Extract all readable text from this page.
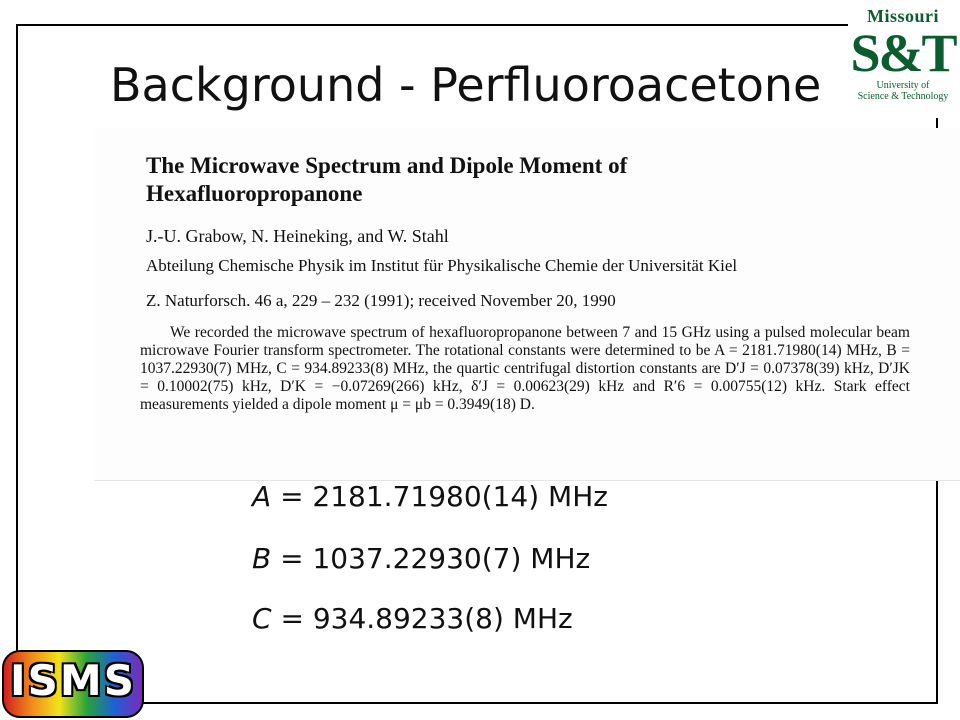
Background - Perfluoroacetone
Missouri
S&T
University of
Science & Technology
The Microwave Spectrum and Dipole Moment of Hexafluoropropanone
J.-U. Grabow, N. Heineking, and W. Stahl
Abteilung Chemische Physik im Institut für Physikalische Chemie der Universität Kiel
Z. Naturforsch. 46 a, 229 – 232 (1991); received November 20, 1990
We recorded the microwave spectrum of hexafluoropropanone between 7 and 15 GHz using a pulsed molecular beam microwave Fourier transform spectrometer. The rotational constants were determined to be A = 2181.71980(14) MHz, B = 1037.22930(7) MHz, C = 934.89233(8) MHz, the quartic centrifugal distortion constants are D′J = 0.07378(39) kHz, D′JK = 0.10002(75) kHz, D′K = −0.07269(266) kHz, δ′J = 0.00623(29) kHz and R′6 = 0.00755(12) kHz. Stark effect measurements yielded a dipole moment μ = μb = 0.3949(18) D.
A = 2181.71980(14) MHz
B = 1037.22930(7) MHz
C = 934.89233(8) MHz
ISMS
